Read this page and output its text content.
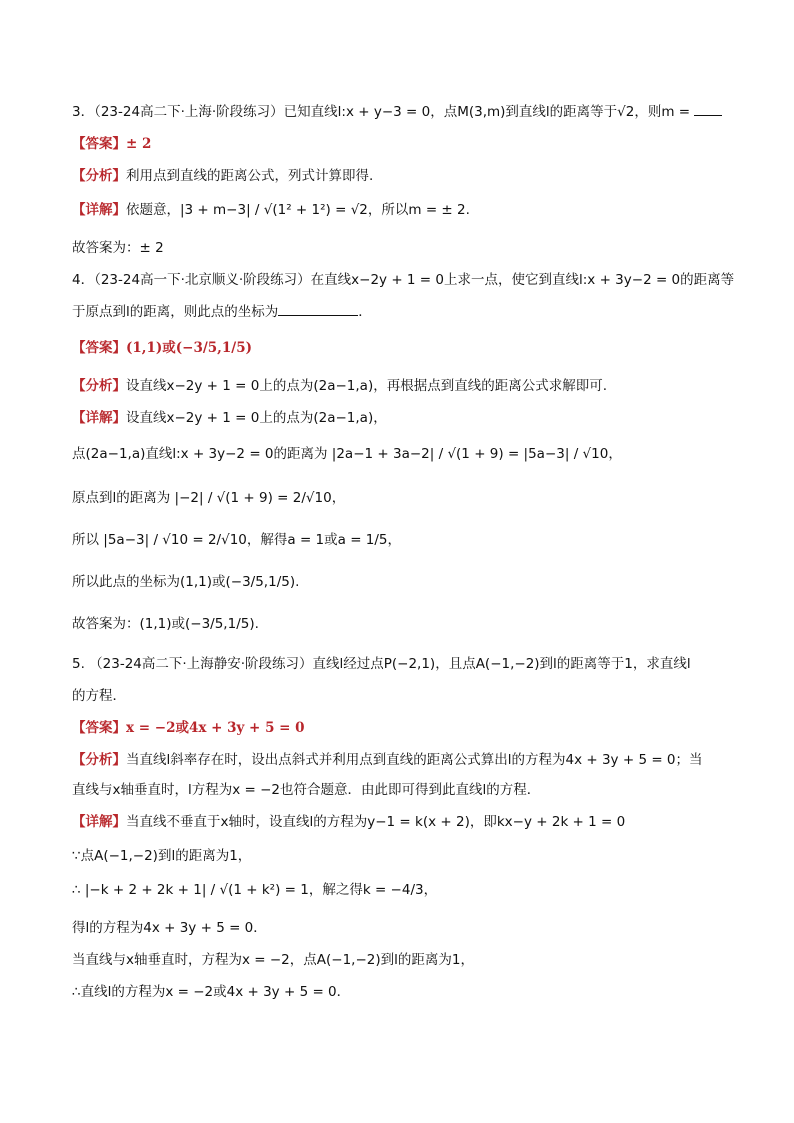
3．（23-24高二下·上海·阶段练习）已知直线l:x + y−3 = 0，点M(3,m)到直线l的距离等于√2，则m =
【答案】± 2
【分析】利用点到直线的距离公式，列式计算即得.
【详解】依题意，|3 + m−3| / √(1² + 1²) = √2，所以m = ± 2.
故答案为：± 2
4．（23-24高一下·北京顺义·阶段练习）在直线x−2y + 1 = 0上求一点，使它到直线l:x + 3y−2 = 0的距离等
于原点到l的距离，则此点的坐标为	．
【答案】(1,1)或(−3/5,1/5)
【分析】设直线x−2y + 1 = 0上的点为(2a−1,a)，再根据点到直线的距离公式求解即可.
【详解】设直线x−2y + 1 = 0上的点为(2a−1,a)，
点(2a−1,a)直线l:x + 3y−2 = 0的距离为 |2a−1 + 3a−2| / √(1 + 9) = |5a−3| / √10，
原点到l的距离为 |−2| / √(1 + 9) = 2/√10，
所以 |5a−3| / √10 = 2/√10，解得a = 1或a = 1/5，
所以此点的坐标为(1,1)或(−3/5,1/5).
故答案为：(1,1)或(−3/5,1/5).
5. （23-24高二下·上海静安·阶段练习）直线l经过点P(−2,1)，且点A(−1,−2)到l的距离等于1，求直线l
的方程．
【答案】x = −2或4x + 3y + 5 = 0
【分析】当直线l斜率存在时，设出点斜式并利用点到直线的距离公式算出l的方程为4x + 3y + 5 = 0；当
直线与x轴垂直时，l方程为x = −2也符合题意．由此即可得到此直线l的方程．
【详解】当直线不垂直于x轴时，设直线l的方程为y−1 = k(x + 2)，即kx−y + 2k + 1 = 0
∵点A(−1,−2)到l的距离为1，
∴ |−k + 2 + 2k + 1| / √(1 + k²) = 1，解之得k = −4/3，
得l的方程为4x + 3y + 5 = 0．
当直线与x轴垂直时，方程为x = −2，点A(−1,−2)到l的距离为1，
∴直线l的方程为x = −2或4x + 3y + 5 = 0．
